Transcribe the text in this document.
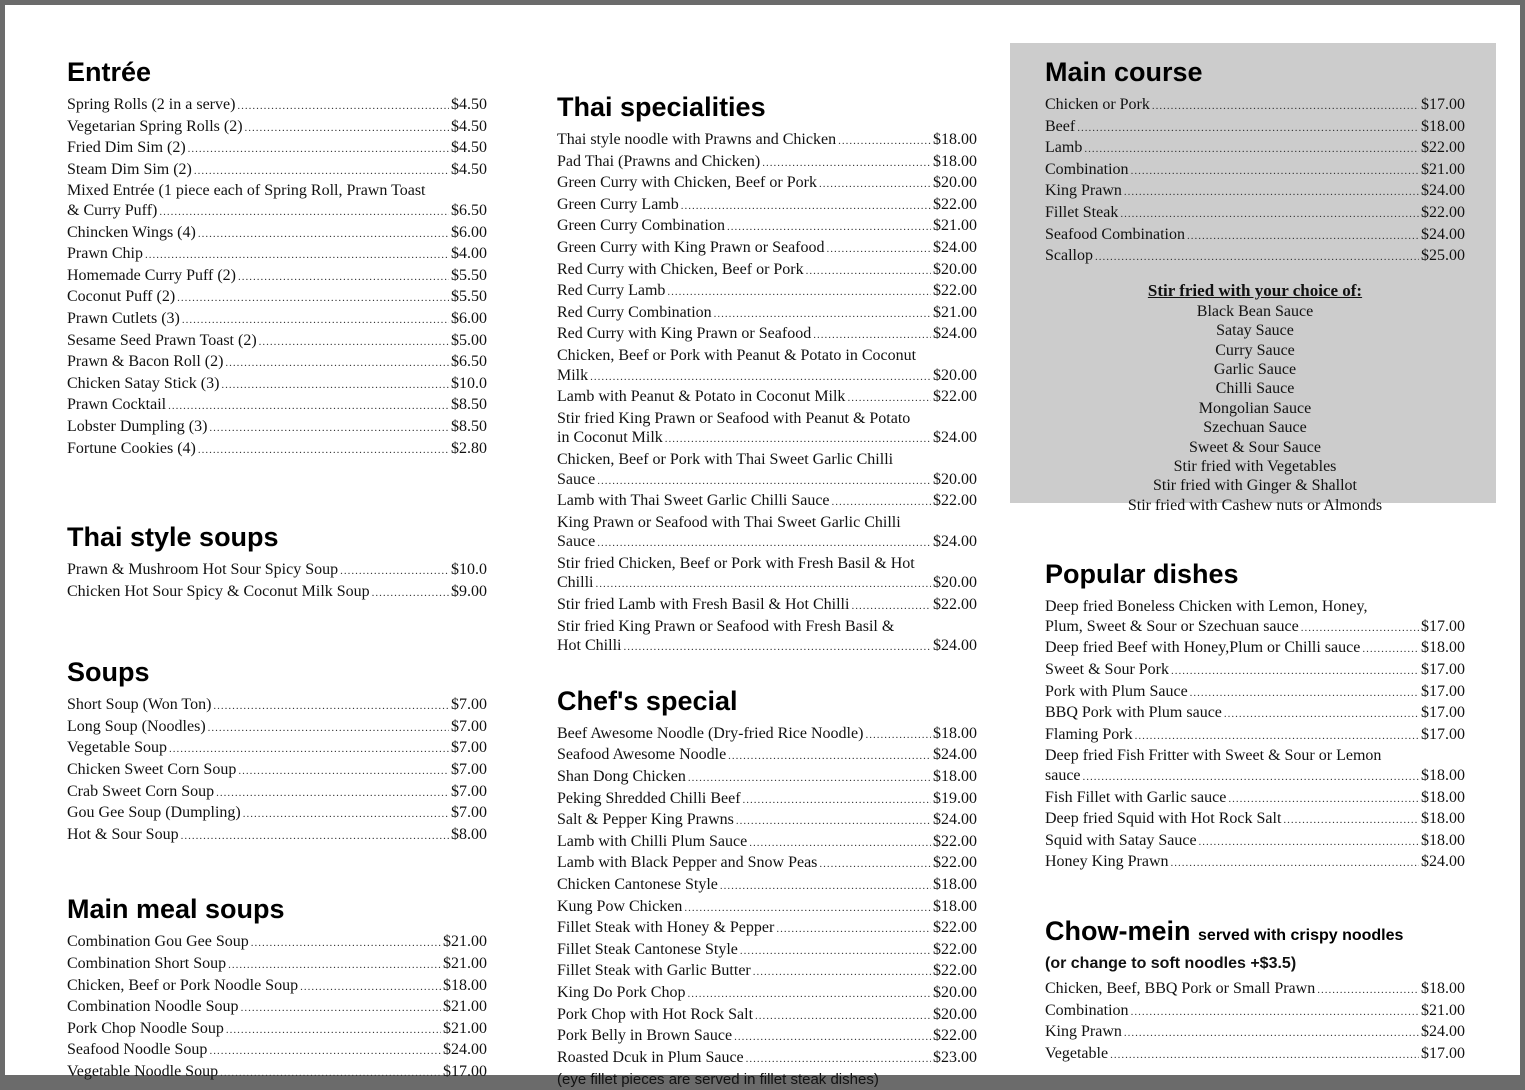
Entrée
Spring Rolls (2 in a serve) .....	$4.50
Vegetarian Spring Rolls (2) .....	$4.50
Fried Dim Sim (2) .....	$4.50
Steam Dim Sim (2) .....	$4.50
Mixed Entrée (1 piece each of Spring Roll, Prawn Toast
& Curry Puff) .....	$6.50
Chincken Wings (4) .....	$6.00
Prawn Chip .....	$4.00
Homemade Curry Puff (2) .....	$5.50
Coconut Puff (2) .....	$5.50
Prawn Cutlets (3) .....	$6.00
Sesame Seed Prawn Toast (2) .....	$5.00
Prawn & Bacon Roll (2) .....	$6.50
Chicken Satay Stick (3) .....	$10.0
Prawn Cocktail .....	$8.50
Lobster Dumpling (3) .....	$8.50
Fortune Cookies (4) .....	$2.80
Thai style soups
Prawn & Mushroom Hot Sour Spicy Soup .....	$10.0
Chicken Hot Sour Spicy & Coconut Milk Soup .....	$9.00
Soups
Short Soup (Won Ton) .....	$7.00
Long Soup (Noodles) .....	$7.00
Vegetable Soup .....	$7.00
Chicken Sweet Corn Soup .....	$7.00
Crab Sweet Corn Soup .....	$7.00
Gou Gee Soup (Dumpling) .....	$7.00
Hot & Sour Soup .....	$8.00
Main meal soups
Combination Gou Gee Soup .....	$21.00
Combination Short Soup .....	$21.00
Chicken, Beef or Pork Noodle Soup .....	$18.00
Combination Noodle Soup .....	$21.00
Pork Chop Noodle Soup .....	$21.00
Seafood Noodle Soup .....	$24.00
Vegetable Noodle Soup .....	$17.00
Thai specialities
Thai style noodle with Prawns and Chicken .....	$18.00
Pad Thai (Prawns and Chicken) .....	$18.00
Green Curry with Chicken, Beef or Pork .....	$20.00
Green Curry Lamb .....	$22.00
Green Curry Combination .....	$21.00
Green Curry with King Prawn or Seafood .....	$24.00
Red Curry with Chicken, Beef or Pork .....	$20.00
Red Curry Lamb .....	$22.00
Red Curry Combination .....	$21.00
Red Curry with King Prawn or Seafood .....	$24.00
Chicken, Beef or Pork with Peanut & Potato in Coconut
Milk .....	$20.00
Lamb with Peanut & Potato in Coconut Milk .....	$22.00
Stir fried King Prawn or Seafood with Peanut & Potato
in Coconut Milk .....	$24.00
Chicken, Beef or Pork with Thai Sweet Garlic Chilli
Sauce .....	$20.00
Lamb with Thai Sweet Garlic Chilli Sauce .....	$22.00
King Prawn or Seafood with Thai Sweet Garlic Chilli
Sauce .....	$24.00
Stir fried Chicken, Beef or Pork with Fresh Basil & Hot
Chilli .....	$20.00
Stir fried Lamb with Fresh Basil & Hot Chilli .....	$22.00
Stir fried King Prawn or Seafood with Fresh Basil &
Hot Chilli .....	$24.00
Chef's special
Beef Awesome Noodle (Dry-fried Rice Noodle) .....	$18.00
Seafood Awesome Noodle .....	$24.00
Shan Dong Chicken .....	$18.00
Peking Shredded Chilli Beef .....	$19.00
Salt & Pepper King Prawns .....	$24.00
Lamb with Chilli Plum Sauce .....	$22.00
Lamb with Black Pepper and Snow Peas .....	$22.00
Chicken Cantonese Style .....	$18.00
Kung Pow Chicken .....	$18.00
Fillet Steak with Honey & Pepper .....	$22.00
Fillet Steak Cantonese Style .....	$22.00
Fillet Steak with Garlic Butter .....	$22.00
King Do Pork Chop .....	$20.00
Pork Chop with Hot Rock Salt .....	$20.00
Pork Belly in Brown Sauce .....	$22.00
Roasted Dcuk in Plum Sauce .....	$23.00
(eye fillet pieces are served in fillet steak dishes)
Main course
Chicken or Pork .....	$17.00
Beef .....	$18.00
Lamb .....	$22.00
Combination .....	$21.00
King Prawn .....	$24.00
Fillet Steak .....	$22.00
Seafood Combination .....	$24.00
Scallop .....	$25.00
Stir fried with your choice of:
Black Bean Sauce
Satay Sauce
Curry Sauce
Garlic Sauce
Chilli Sauce
Mongolian Sauce
Szechuan Sauce
Sweet & Sour Sauce
Stir fried with Vegetables
Stir fried with Ginger & Shallot
Stir fried with Cashew nuts or Almonds
Popular dishes
Deep fried Boneless Chicken with Lemon, Honey,
Plum, Sweet & Sour or Szechuan sauce .....	$17.00
Deep fried Beef with Honey,Plum or Chilli sauce .....	$18.00
Sweet & Sour Pork .....	$17.00
Pork with Plum Sauce .....	$17.00
BBQ Pork with Plum sauce .....	$17.00
Flaming Pork .....	$17.00
Deep fried Fish Fritter with Sweet & Sour or Lemon
sauce .....	$18.00
Fish Fillet with Garlic sauce .....	$18.00
Deep fried Squid with Hot Rock Salt .....	$18.00
Squid with Satay Sauce .....	$18.00
Honey King Prawn .....	$24.00
Chow-mein served with crispy noodles
(or change to soft noodles +$3.5)
Chicken, Beef, BBQ Pork or Small Prawn .....	$18.00
Combination .....	$21.00
King Prawn .....	$24.00
Vegetable .....	$17.00
